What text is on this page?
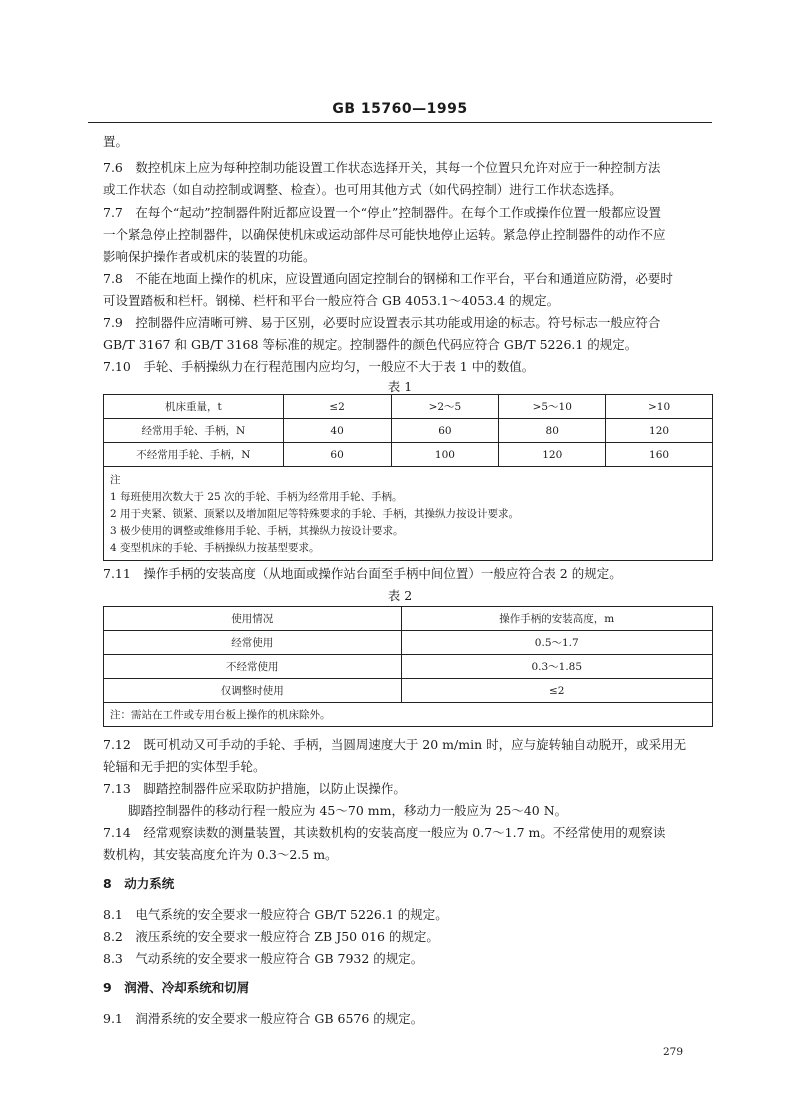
GB 15760—1995
置。
7.6　数控机床上应为每种控制功能设置工作状态选择开关，其每一个位置只允许对应于一种控制方法
或工作状态（如自动控制或调整、检查）。也可用其他方式（如代码控制）进行工作状态选择。
7.7　在每个“起动”控制器件附近都应设置一个“停止”控制器件。在每个工作或操作位置一般都应设置
一个紧急停止控制器件，以确保使机床或运动部件尽可能快地停止运转。紧急停止控制器件的动作不应
影响保护操作者或机床的装置的功能。
7.8　不能在地面上操作的机床，应设置通向固定控制台的钢梯和工作平台，平台和通道应防滑，必要时
可设置踏板和栏杆。钢梯、栏杆和平台一般应符合 GB 4053.1～4053.4 的规定。
7.9　控制器件应清晰可辨、易于区别，必要时应设置表示其功能或用途的标志。符号标志一般应符合
GB/T 3167 和 GB/T 3168 等标准的规定。控制器件的颜色代码应符合 GB/T 5226.1 的规定。
7.10　手轮、手柄操纵力在行程范围内应均匀，一般应不大于表 1 中的数值。
表 1
机床重量，t	≤2	>2～5	>5～10	>10
经常用手轮、手柄，N	40	60	80	120
不经常用手轮、手柄，N	60	100	120	160
注				
1 每班使用次数大于 25 次的手轮、手柄为经常用手轮、手柄。				
2 用于夹紧、锁紧、顶紧以及增加阻尼等特殊要求的手轮、手柄，其操纵力按设计要求。				
3 极少使用的调整或维修用手轮、手柄，其操纵力按设计要求。				
4 变型机床的手轮、手柄操纵力按基型要求。				
7.11　操作手柄的安装高度（从地面或操作站台面至手柄中间位置）一般应符合表 2 的规定。
表 2
使用情况	操作手柄的安装高度，m
经常使用	0.5～1.7
不经常使用	0.3～1.85
仅调整时使用	≤2
注：需站在工件或专用台板上操作的机床除外。	
7.12　既可机动又可手动的手轮、手柄，当圆周速度大于 20 m/min 时，应与旋转轴自动脱开，或采用无
轮辐和无手把的实体型手轮。
7.13　脚踏控制器件应采取防护措施，以防止误操作。
脚踏控制器件的移动行程一般应为 45～70 mm，移动力一般应为 25～40 N。
7.14　经常观察读数的测量装置，其读数机构的安装高度一般应为 0.7～1.7 m。不经常使用的观察读
数机构，其安装高度允许为 0.3～2.5 m。
8　动力系统
8.1　电气系统的安全要求一般应符合 GB/T 5226.1 的规定。
8.2　液压系统的安全要求一般应符合 ZB J50 016 的规定。
8.3　气动系统的安全要求一般应符合 GB 7932 的规定。
9　润滑、冷却系统和切屑
9.1　润滑系统的安全要求一般应符合 GB 6576 的规定。
279
